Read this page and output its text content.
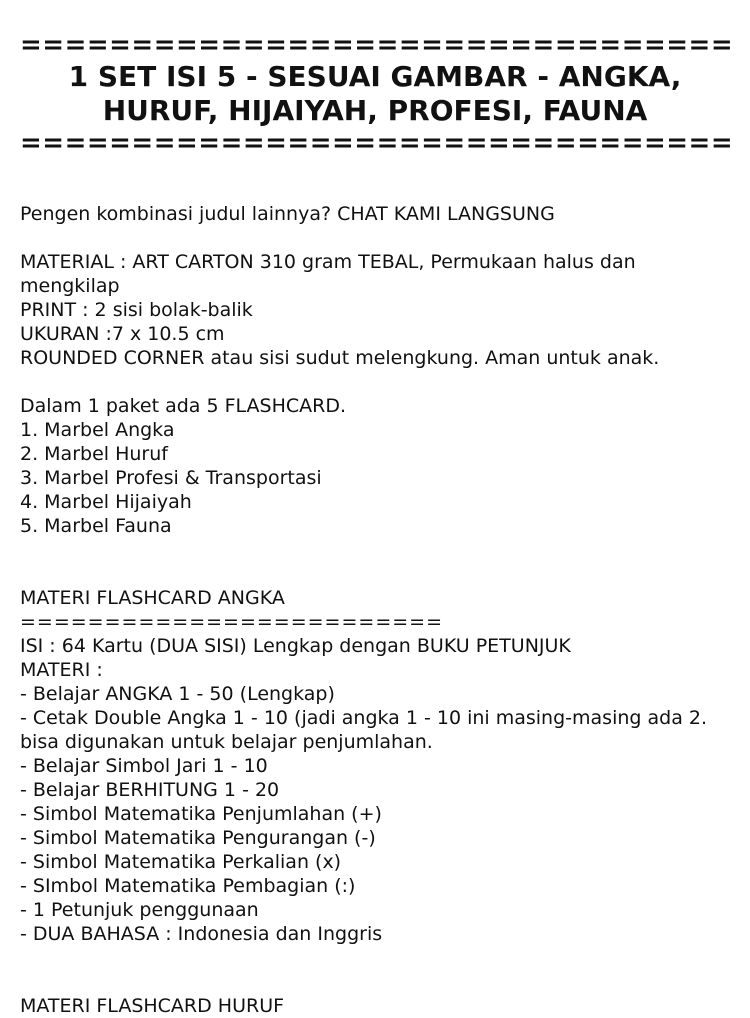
================================
1 SET ISI 5 - SESUAI GAMBAR - ANGKA, HURUF, HIJAIYAH, PROFESI, FAUNA
================================
Pengen kombinasi judul lainnya? CHAT KAMI LANGSUNG
MATERIAL : ART CARTON 310 gram TEBAL, Permukaan halus dan mengkilap
PRINT : 2 sisi bolak-balik
UKURAN :7 x 10.5 cm
ROUNDED CORNER atau sisi sudut melengkung. Aman untuk anak.
Dalam 1 paket ada 5 FLASHCARD.
1. Marbel Angka
2. Marbel Huruf
3. Marbel Profesi & Transportasi
4. Marbel Hijaiyah
5. Marbel Fauna
MATERI FLASHCARD ANGKA
=========================
ISI : 64 Kartu (DUA SISI) Lengkap dengan BUKU PETUNJUK
MATERI :
- Belajar ANGKA 1 - 50 (Lengkap)
- Cetak Double Angka 1 - 10 (jadi angka 1 - 10 ini masing-masing ada 2. bisa digunakan untuk belajar penjumlahan.
- Belajar Simbol Jari 1 - 10
- Belajar BERHITUNG 1 - 20
- Simbol Matematika Penjumlahan (+)
- Simbol Matematika Pengurangan (-)
- Simbol Matematika Perkalian (x)
- SImbol Matematika Pembagian (:)
- 1 Petunjuk penggunaan
- DUA BAHASA : Indonesia dan Inggris
MATERI FLASHCARD HURUF
